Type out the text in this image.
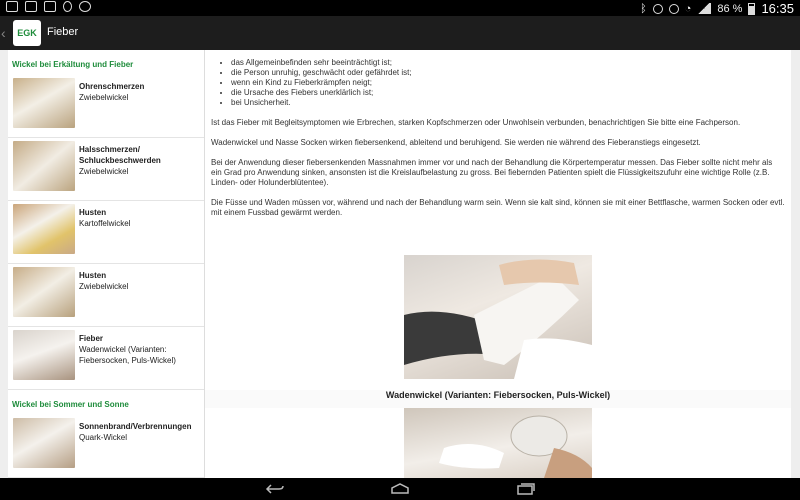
ᛒ	◔ 86 % 16:35
‹	EGK Fieber
Wickel bei Erkältung und Fieber
Ohrenschmerzen
Zwiebelwickel
Halsschmerzen/ Schluckbeschwerden
Zwiebelwickel
Husten
Kartoffelwickel
Husten
Zwiebelwickel
Fieber
Wadenwickel (Varianten: Fiebersocken, Puls-Wickel)
Wickel bei Sommer und Sonne
Sonnenbrand/Verbrennungen
Quark-Wickel
• das Allgemeinbefinden sehr beeinträchtigt ist;
• die Person unruhig, geschwächt oder gefährdet ist;
• wenn ein Kind zu Fieberkrämpfen neigt;
• die Ursache des Fiebers unerklärlich ist;
• bei Unsicherheit.

Ist das Fieber mit Begleitsymptomen wie Erbrechen, starken Kopfschmerzen oder Unwohlsein verbunden, benachrichtigen Sie bitte eine Fachperson.

Wadenwickel und Nasse Socken wirken fiebersenkend, ableitend und beruhigend. Sie werden nie während des Fieberanstiegs eingesetzt.

Bei der Anwendung dieser fiebersenkenden Massnahmen immer vor und nach der Behandlung die Körpertemperatur messen. Das Fieber sollte nicht mehr als ein Grad pro Anwendung sinken, ansonsten ist die Kreislaufbelastung zu gross. Bei fiebernden Patienten spielt die Flüssigkeitszufuhr eine wichtige Rolle (z.B. Linden- oder Holunderblütentee).

Die Füsse und Waden müssen vor, während und nach der Behandlung warm sein. Wenn sie kalt sind, können sie mit einer Bettflasche, warmen Socken oder evtl. mit einem Fussbad gewärmt werden.

Wadenwickel (Varianten: Fiebersocken, Puls-Wickel)
